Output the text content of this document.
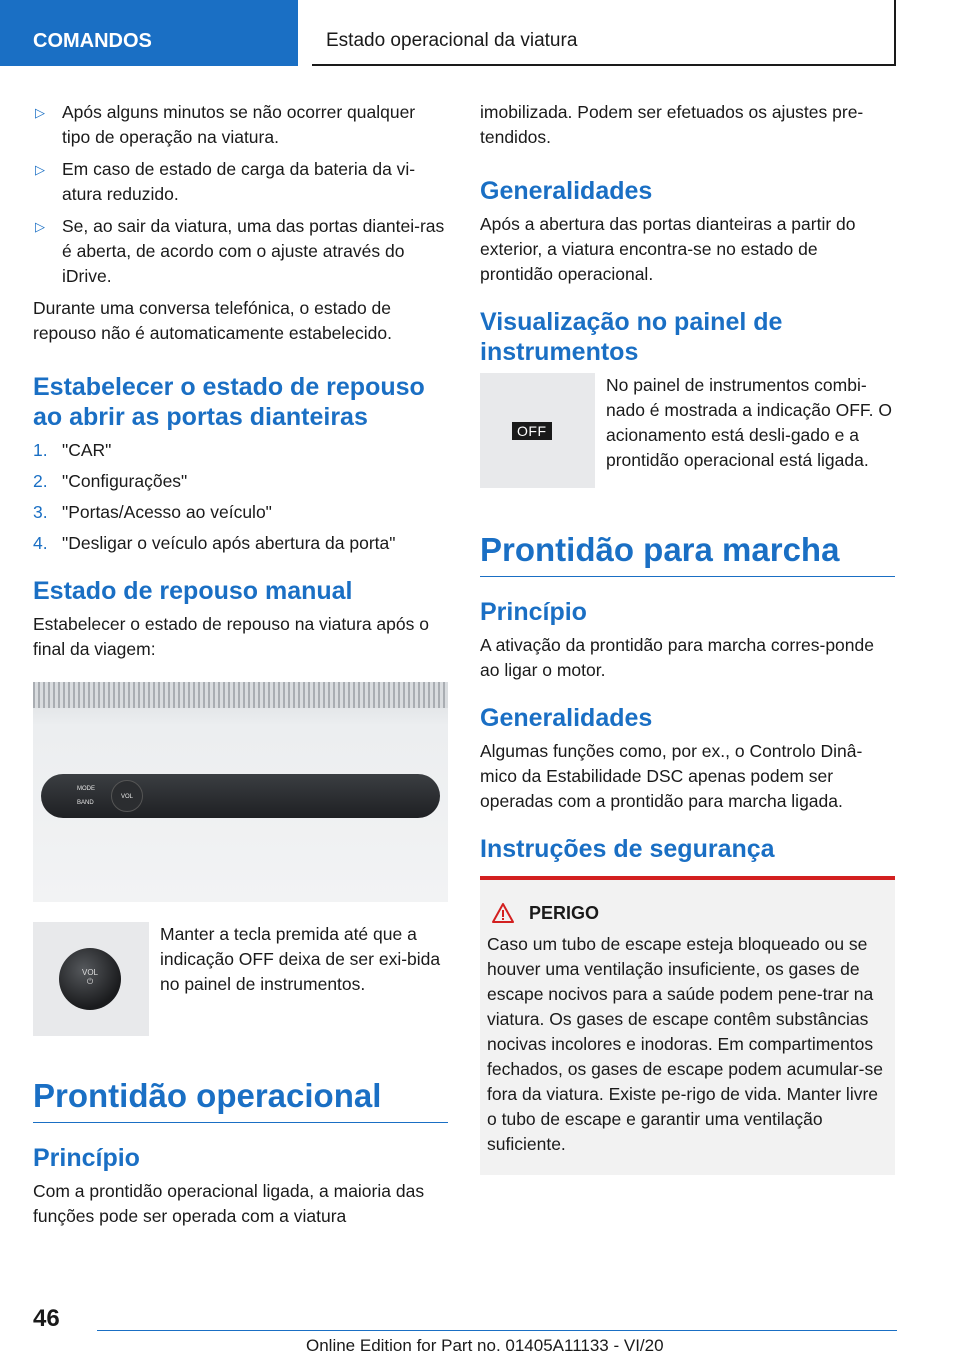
COMANDOS	Estado operacional da viatura
▷ Após alguns minutos se não ocorrer qualquer tipo de operação na viatura.
▷ Em caso de estado de carga da bateria da vi-atura reduzido.
▷ Se, ao sair da viatura, uma das portas diantei-ras é aberta, de acordo com o ajuste através do iDrive.

Durante uma conversa telefónica, o estado de repouso não é automaticamente estabelecido.

Estabelecer o estado de repouso ao abrir as portas dianteiras
1. "CAR"
2. "Configurações"
3. "Portas/Acesso ao veículo"
4. "Desligar o veículo após abertura da porta"
Estado de repouso manual

Estabelecer o estado de repouso na viatura após o final da viagem:

MODE
BAND
VOL
VOL
⏻
Manter a tecla premida até que a indicação OFF deixa de ser exi-bida no painel de instrumentos.
Prontidão operacional
Princípio

Com a prontidão operacional ligada, a maioria das funções pode ser operada com a viatura

imobilizada. Podem ser efetuados os ajustes pre-tendidos.

Generalidades

Após a abertura das portas dianteiras a partir do exterior, a viatura encontra-se no estado de prontidão operacional.

Visualização no painel de instrumentos
OFF
No painel de instrumentos combi-nado é mostrada a indicação OFF. O acionamento está desli-gado e a prontidão operacional está ligada.
Prontidão para marcha
Princípio

A ativação da prontidão para marcha corres-ponde ao ligar o motor.

Generalidades

Algumas funções como, por ex., o Controlo Dinâ-mico da Estabilidade DSC apenas podem ser operadas com a prontidão para marcha ligada.

Instruções de segurança
PERIGO

Caso um tubo de escape esteja bloqueado ou se houver uma ventilação insuficiente, os gases de escape nocivos para a saúde podem pene-trar na viatura. Os gases de escape contêm substâncias nocivas incolores e inodoras. Em compartimentos fechados, os gases de escape podem acumular-se fora da viatura. Existe pe-rigo de vida. Manter livre o tubo de escape e garantir uma ventilação suficiente.

46
Online Edition for Part no. 01405A11133 - VI/20
